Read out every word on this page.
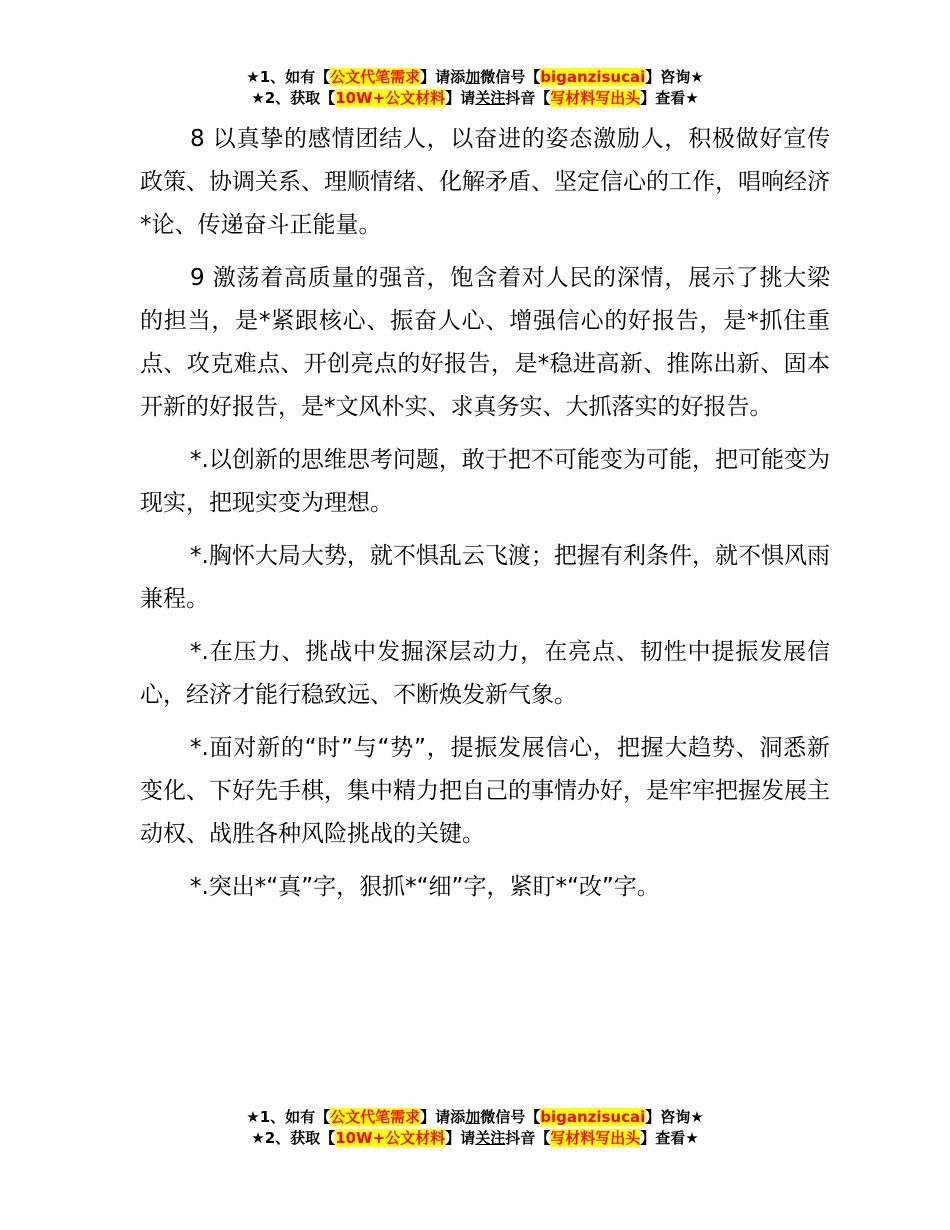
★1、如有【公文代笔需求】请添加微信号【biganzisucai】咨询★
★2、获取【10W+公文材料】请关注抖音【写材料写出头】查看★

8 以真挚的感情团结人，以奋进的姿态激励人，积极做好宣传政策、协调关系、理顺情绪、化解矛盾、坚定信心的工作，唱响经济*论、传递奋斗正能量。

9 激荡着高质量的强音，饱含着对人民的深情，展示了挑大梁的担当，是*紧跟核心、振奋人心、增强信心的好报告，是*抓住重点、攻克难点、开创亮点的好报告，是*稳进高新、推陈出新、固本开新的好报告，是*文风朴实、求真务实、大抓落实的好报告。

*.以创新的思维思考问题，敢于把不可能变为可能，把可能变为现实，把现实变为理想。

*.胸怀大局大势，就不惧乱云飞渡；把握有利条件，就不惧风雨兼程。

*.在压力、挑战中发掘深层动力，在亮点、韧性中提振发展信心，经济才能行稳致远、不断焕发新气象。

*.面对新的“时”与“势”，提振发展信心，把握大趋势、洞悉新变化、下好先手棋，集中精力把自己的事情办好，是牢牢把握发展主动权、战胜各种风险挑战的关键。

*.突出*“真”字，狠抓*“细”字，紧盯*“改”字。

★1、如有【公文代笔需求】请添加微信号【biganzisucai】咨询★
★2、获取【10W+公文材料】请关注抖音【写材料写出头】查看★
